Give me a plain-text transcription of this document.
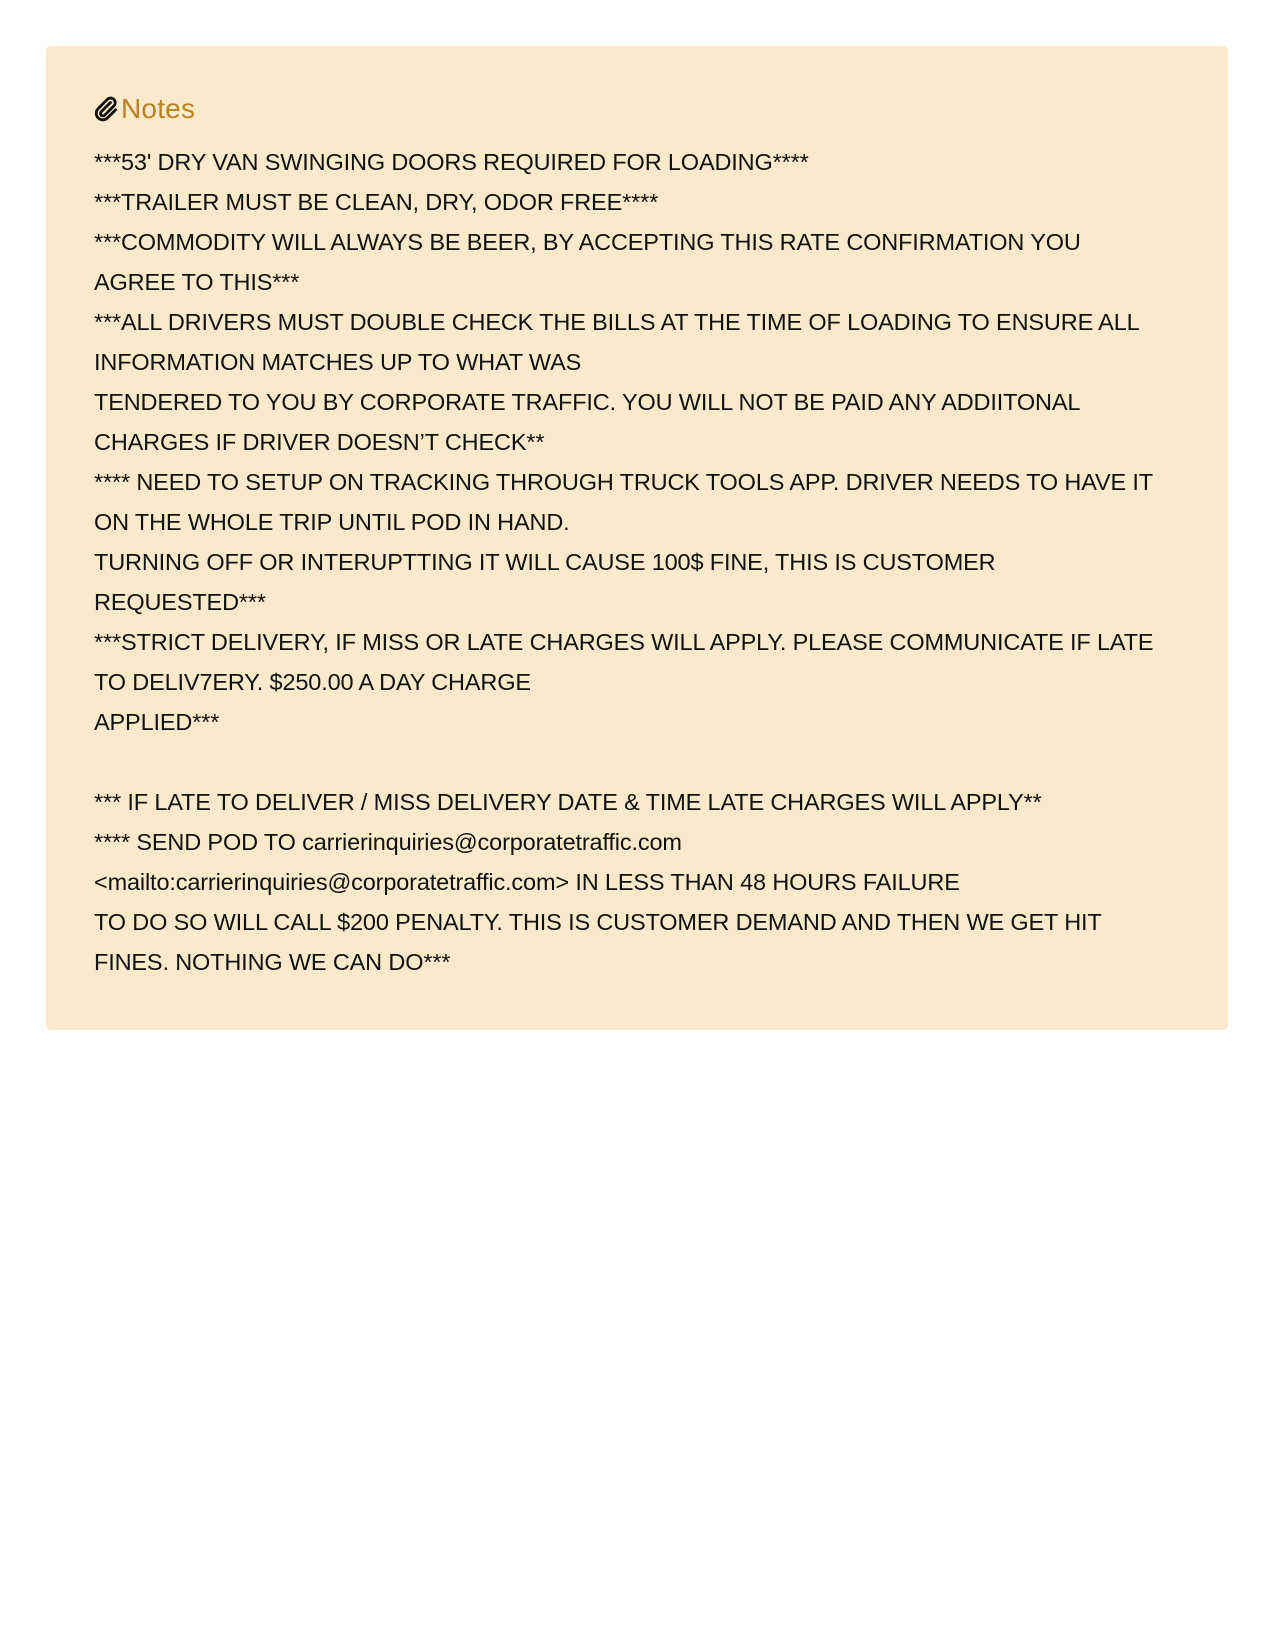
Notes
***53' DRY VAN SWINGING DOORS REQUIRED FOR LOADING****
***TRAILER MUST BE CLEAN, DRY, ODOR FREE****
***COMMODITY WILL ALWAYS BE BEER, BY ACCEPTING THIS RATE CONFIRMATION YOU
AGREE TO THIS***
***ALL DRIVERS MUST DOUBLE CHECK THE BILLS AT THE TIME OF LOADING TO ENSURE ALL
INFORMATION MATCHES UP TO WHAT WAS
TENDERED TO YOU BY CORPORATE TRAFFIC. YOU WILL NOT BE PAID ANY ADDIITONAL
CHARGES IF DRIVER DOESN’T CHECK**
**** NEED TO SETUP ON TRACKING THROUGH TRUCK TOOLS APP. DRIVER NEEDS TO HAVE IT
ON THE WHOLE TRIP UNTIL POD IN HAND.
TURNING OFF OR INTERUPTTING IT WILL CAUSE 100$ FINE, THIS IS CUSTOMER
REQUESTED***
***STRICT DELIVERY, IF MISS OR LATE CHARGES WILL APPLY. PLEASE COMMUNICATE IF LATE
TO DELIV7ERY. $250.00 A DAY CHARGE
APPLIED***
*** IF LATE TO DELIVER / MISS DELIVERY DATE & TIME LATE CHARGES WILL APPLY**
**** SEND POD TO carrierinquiries@corporatetraffic.com
<mailto:carrierinquiries@corporatetraffic.com> IN LESS THAN 48 HOURS FAILURE
TO DO SO WILL CALL $200 PENALTY. THIS IS CUSTOMER DEMAND AND THEN WE GET HIT
FINES. NOTHING WE CAN DO***
